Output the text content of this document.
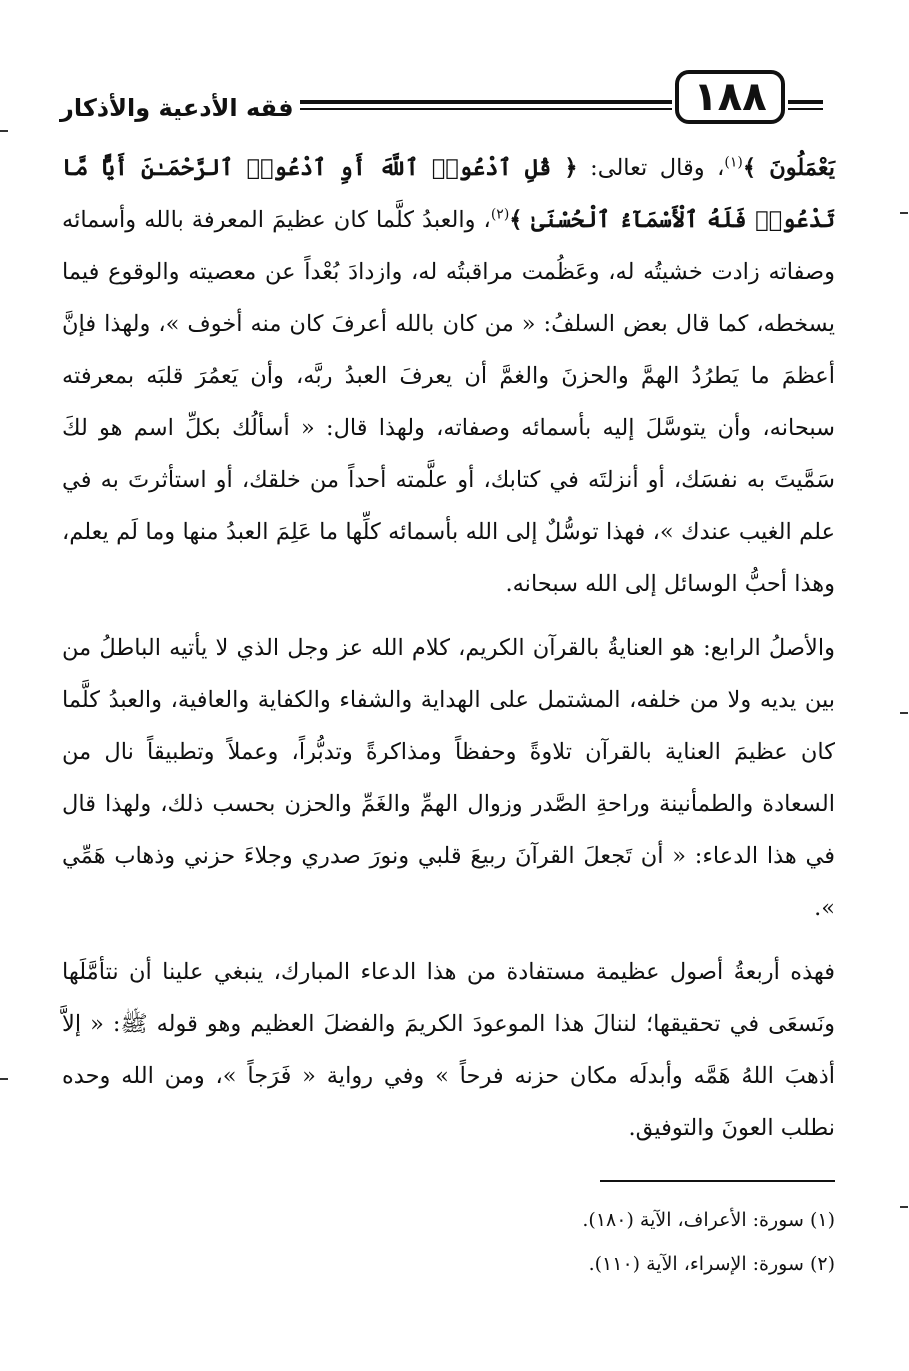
١٨٨
فقه الأدعية والأذكار

يَعْمَلُونَ ﴾$^{(١)}$، وقال تعالى: ﴿ قُلِ ٱدْعُوا۟ ٱللَّهَ أَوِ ٱدْعُوا۟ ٱلرَّحْمَـٰنَ أَيًّا مَّا تَدْعُوا۟ فَلَهُ ٱلْأَسْمَآءُ ٱلْحُسْنَىٰ ﴾$^{(٢)}$، والعبدُ كلَّما كان عظيمَ المعرفة بالله وأسمائه وصفاته زادت خشيتُه له، وعَظُمت مراقبتُه له، وازدادَ بُعْداً عن معصيته والوقوع فيما يسخطه، كما قال بعض السلفُ: « من كان بالله أعرفَ كان منه أخوف »، ولهذا فإنَّ أعظمَ ما يَطرُدُ الهمَّ والحزنَ والغمَّ أن يعرفَ العبدُ ربَّه، وأن يَعمُرَ قلبَه بمعرفته سبحانه، وأن يتوسَّلَ إليه بأسمائه وصفاته، ولهذا قال: « أسألُك بكلِّ اسم هو لكَ سَمَّيتَ به نفسَك، أو أنزلتَه في كتابك، أو علَّمته أحداً من خلقك، أو استأثرتَ به في علم الغيب عندك »، فهذا توسُّلٌ إلى الله بأسمائه كلِّها ما عَلِمَ العبدُ منها وما لَم يعلم، وهذا أحبُّ الوسائل إلى الله سبحانه.

والأصلُ الرابع: هو العنايةُ بالقرآن الكريم، كلام الله عز وجل الذي لا يأتيه الباطلُ من بين يديه ولا من خلفه، المشتمل على الهداية والشفاء والكفاية والعافية، والعبدُ كلَّما كان عظيمَ العناية بالقرآن تلاوةً وحفظاً ومذاكرةً وتدبُّراً، وعملاً وتطبيقاً نال من السعادة والطمأنينة وراحةِ الصَّدر وزوال الهمِّ والغَمِّ والحزن بحسب ذلك، ولهذا قال في هذا الدعاء: « أن تَجعلَ القرآنَ ربيعَ قلبي ونورَ صدري وجلاءَ حزني وذهاب هَمِّي ».

فهذه أربعةُ أصول عظيمة مستفادة من هذا الدعاء المبارك، ينبغي علينا أن نتأمَّلَها ونَسعَى في تحقيقها؛ لننالَ هذا الموعودَ الكريمَ والفضلَ العظيم وهو قوله ﷺ: « إلاَّ أذهبَ اللهُ هَمَّه وأبدلَه مكان حزنه فرحاً » وفي رواية « فَرَجاً »، ومن الله وحده نطلب العونَ والتوفيق.

(١) سورة: الأعراف، الآية (١٨٠).

(٢) سورة: الإسراء، الآية (١١٠).
